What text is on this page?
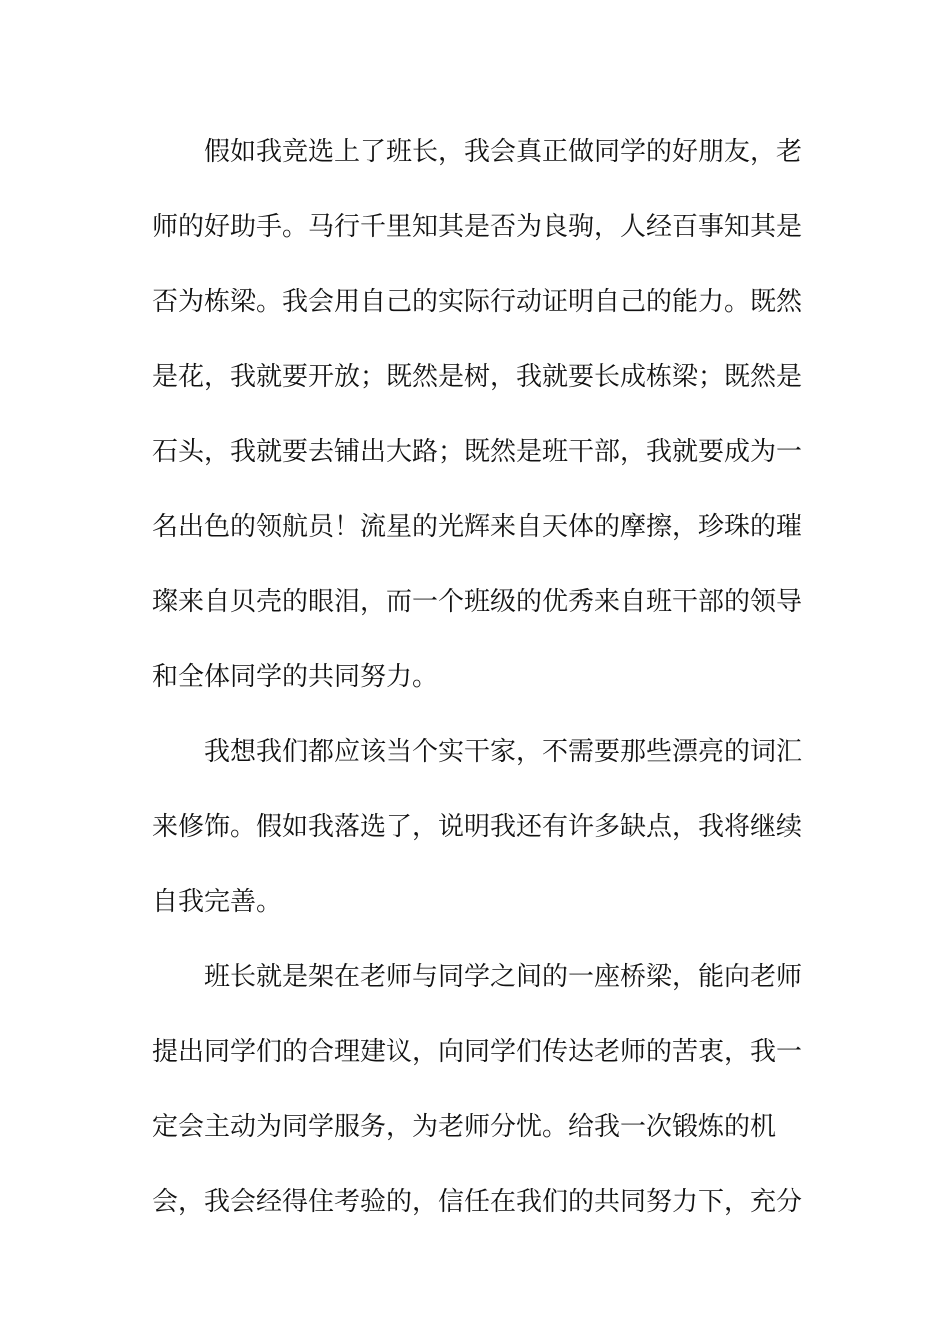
假如我竞选上了班长，我会真正做同学的好朋友，老
师的好助手。马行千里知其是否为良驹，人经百事知其是
否为栋梁。我会用自己的实际行动证明自己的能力。既然
是花，我就要开放；既然是树，我就要长成栋梁；既然是
石头，我就要去铺出大路；既然是班干部，我就要成为一
名出色的领航员！流星的光辉来自天体的摩擦，珍珠的璀
璨来自贝壳的眼泪，而一个班级的优秀来自班干部的领导
和全体同学的共同努力。
我想我们都应该当个实干家，不需要那些漂亮的词汇
来修饰。假如我落选了，说明我还有许多缺点，我将继续
自我完善。
班长就是架在老师与同学之间的一座桥梁，能向老师
提出同学们的合理建议，向同学们传达老师的苦衷，我一
定会主动为同学服务，为老师分忧。给我一次锻炼的机
会，我会经得住考验的，信任在我们的共同努力下，充分
